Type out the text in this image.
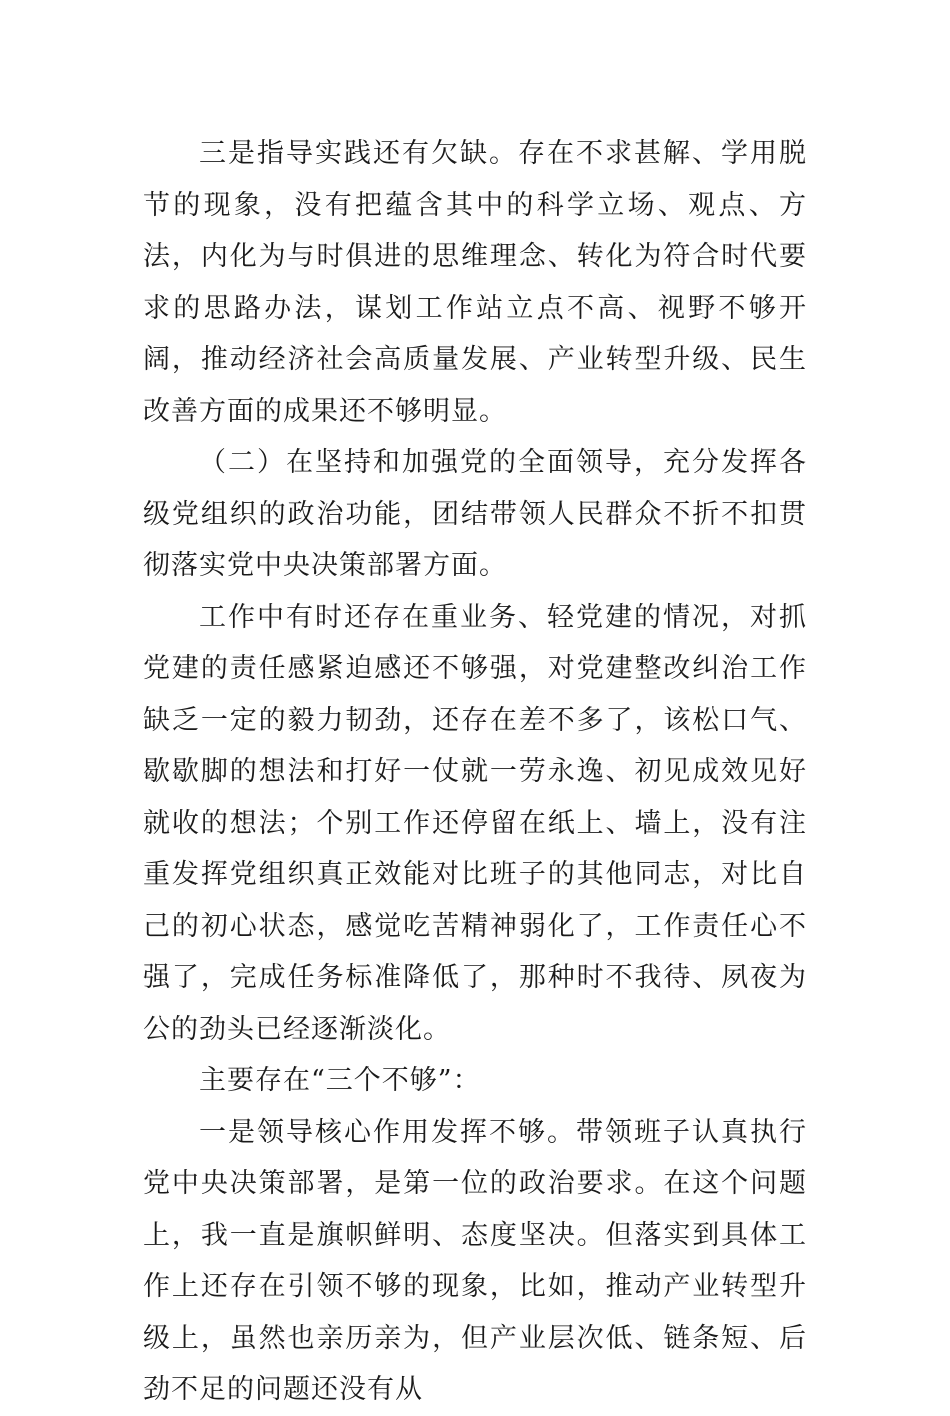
三是指导实践还有欠缺。存在不求甚解、学用脱节的现象，没有把蕴含其中的科学立场、观点、方法，内化为与时俱进的思维理念、转化为符合时代要求的思路办法，谋划工作站立点不高、视野不够开阔，推动经济社会高质量发展、产业转型升级、民生改善方面的成果还不够明显。

（二）在坚持和加强党的全面领导，充分发挥各级党组织的政治功能，团结带领人民群众不折不扣贯彻落实党中央决策部署方面。

工作中有时还存在重业务、轻党建的情况，对抓党建的责任感紧迫感还不够强，对党建整改纠治工作缺乏一定的毅力韧劲，还存在差不多了，该松口气、歇歇脚的想法和打好一仗就一劳永逸、初见成效见好就收的想法；个别工作还停留在纸上、墙上，没有注重发挥党组织真正效能对比班子的其他同志，对比自己的初心状态，感觉吃苦精神弱化了，工作责任心不强了，完成任务标准降低了，那种时不我待、夙夜为公的劲头已经逐渐淡化。

主要存在“三个不够”：

一是领导核心作用发挥不够。带领班子认真执行党中央决策部署，是第一位的政治要求。在这个问题上，我一直是旗帜鲜明、态度坚决。但落实到具体工作上还存在引领不够的现象，比如，推动产业转型升级上，虽然也亲历亲为，但产业层次低、链条短、后劲不足的问题还没有从
